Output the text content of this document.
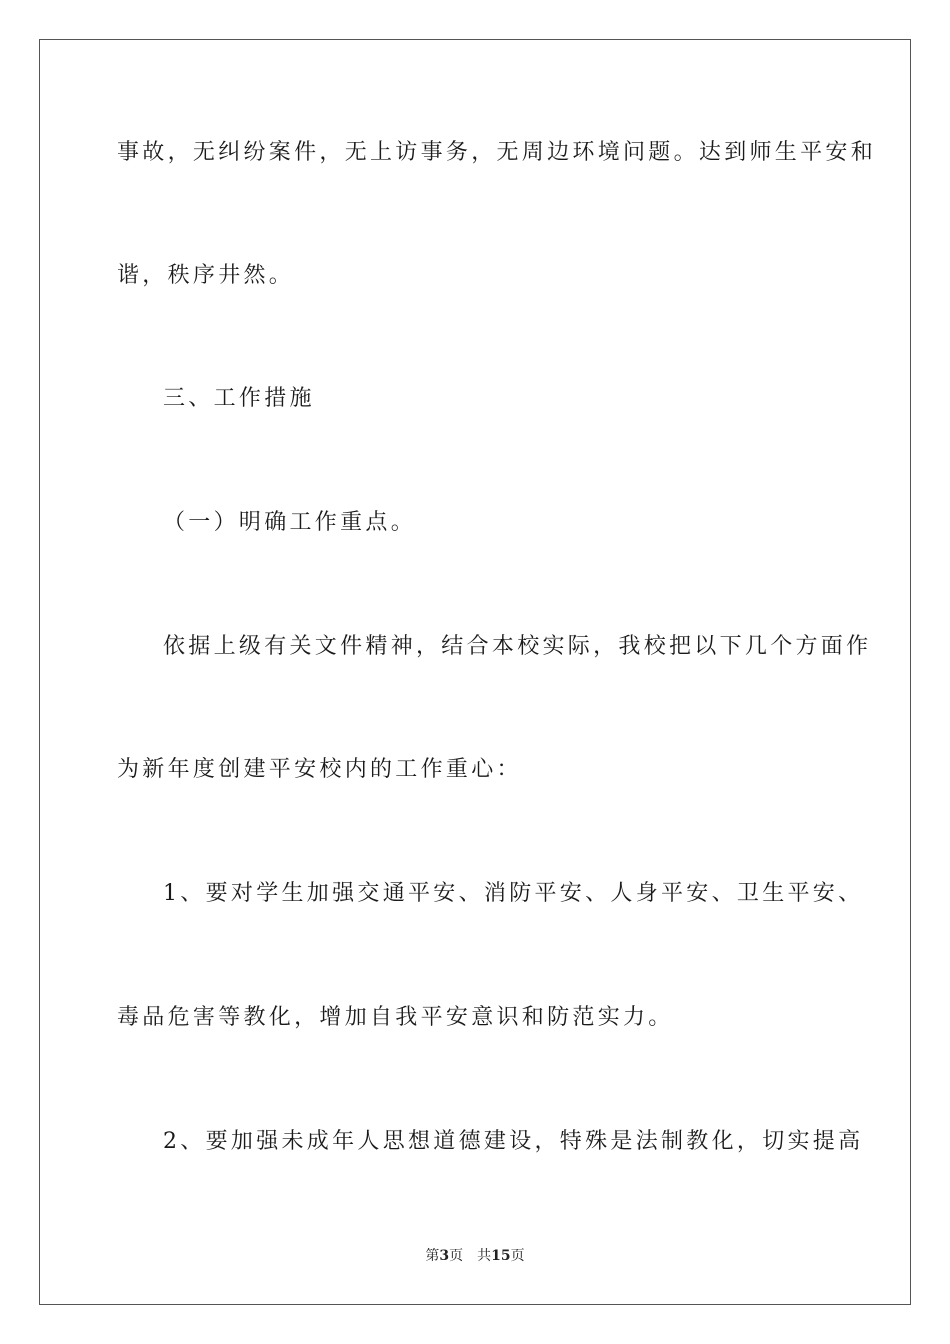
事故，无纠纷案件，无上访事务，无周边环境问题。达到师生平安和
谐，秩序井然。
三、工作措施
（一）明确工作重点。
依据上级有关文件精神，结合本校实际，我校把以下几个方面作
为新年度创建平安校内的工作重心：
1、要对学生加强交通平安、消防平安、人身平安、卫生平安、
毒品危害等教化，增加自我平安意识和防范实力。
2、要加强未成年人思想道德建设，特殊是法制教化，切实提高
第3页 共15页
